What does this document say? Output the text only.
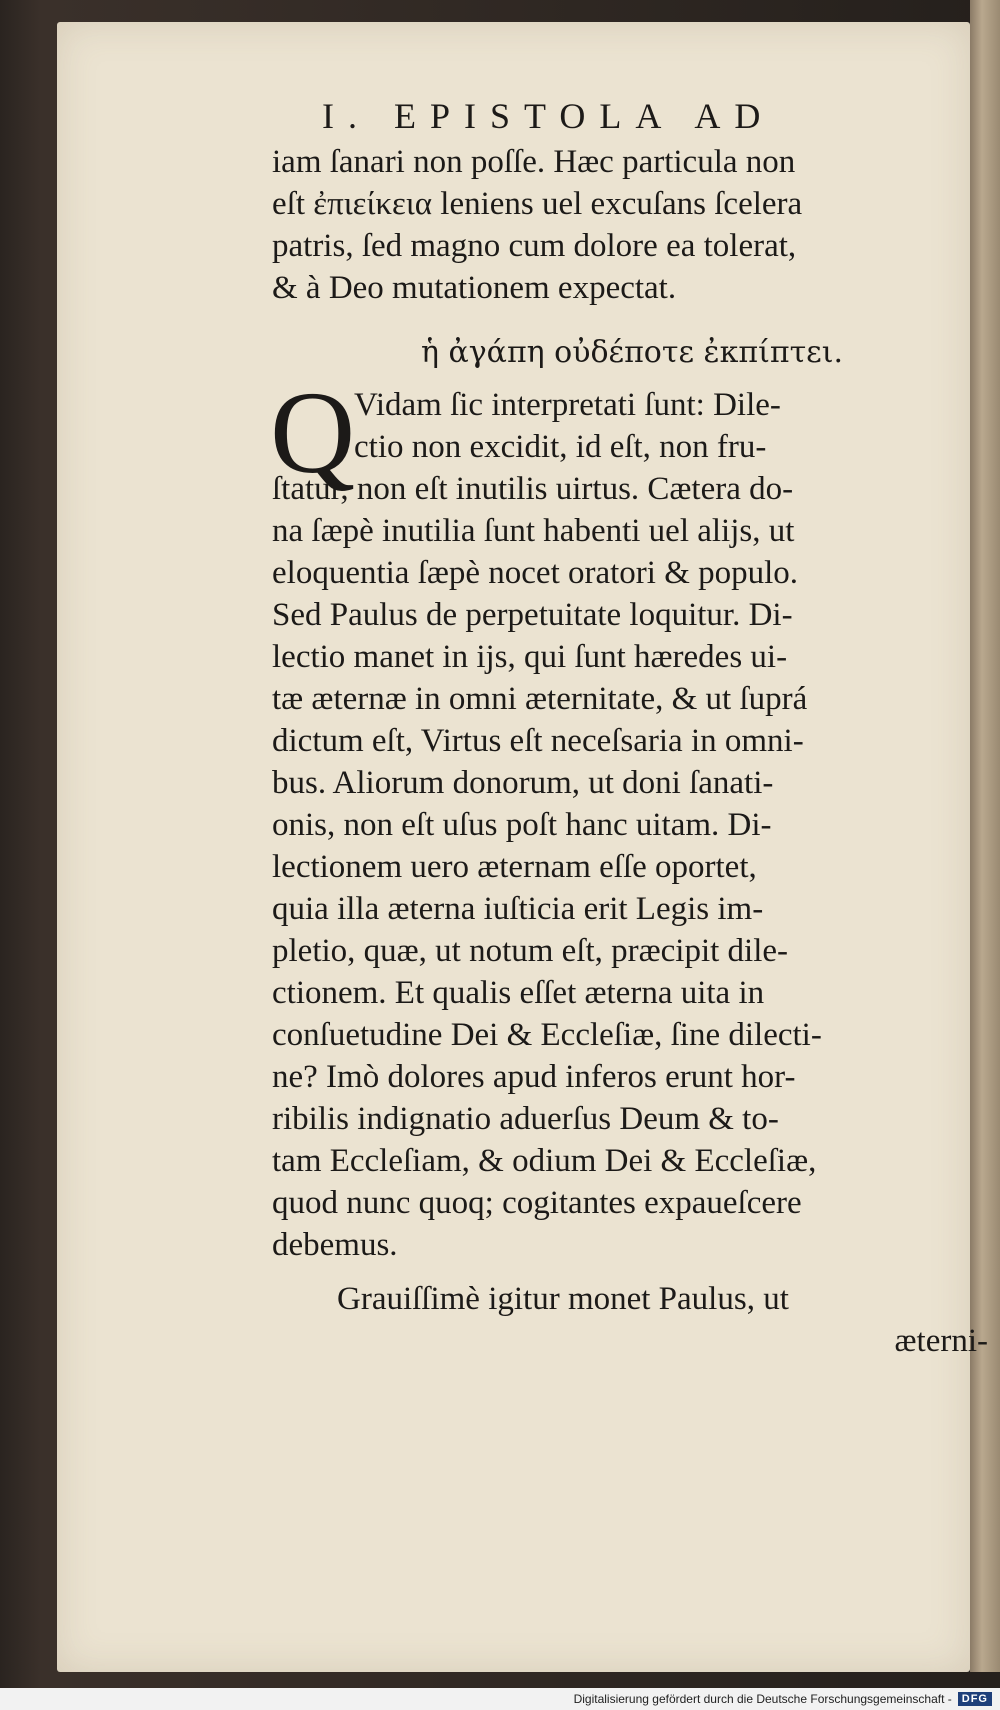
I. EPISTOLA AD
iam ſanari non poſſe. Hæc particula non
eſt ἐπιείκεια leniens uel excuſans ſcelera
patris, ſed magno cum dolore ea tolerat,
& à Deo mutationem expectat.
ἡ ἀγάπη οὐδέποτε ἐκπίπτει.
Q
Vidam ſic interpretati ſunt: Dile-
ctio non excidit, id eſt, non fru-
ſtatur, non eſt inutilis uirtus. Cætera do-
na ſæpè inutilia ſunt habenti uel alijs, ut
eloquentia ſæpè nocet oratori & populo.
Sed Paulus de perpetuitate loquitur. Di-
lectio manet in ijs, qui ſunt hæredes ui-
tæ æternæ in omni æternitate, & ut ſuprá
dictum eſt, Virtus eſt neceſsaria in omni-
bus. Aliorum donorum, ut doni ſanati-
onis, non eſt uſus poſt hanc uitam. Di-
lectionem uero æternam eſſe oportet,
quia illa æterna iuſticia erit Legis im-
pletio, quæ, ut notum eſt, præcipit dile-
ctionem. Et qualis eſſet æterna uita in
conſuetudine Dei & Eccleſiæ, ſine dilecti-
ne? Imò dolores apud inferos erunt hor-
ribilis indignatio aduerſus Deum & to-
tam Eccleſiam, & odium Dei & Eccleſiæ,
quod nunc quoq; cogitantes expaueſcere
debemus.
Grauiſſimè igitur monet Paulus, ut
æterni-
Digitalisierung gefördert durch die Deutsche Forschungsgemeinschaft - DFG
